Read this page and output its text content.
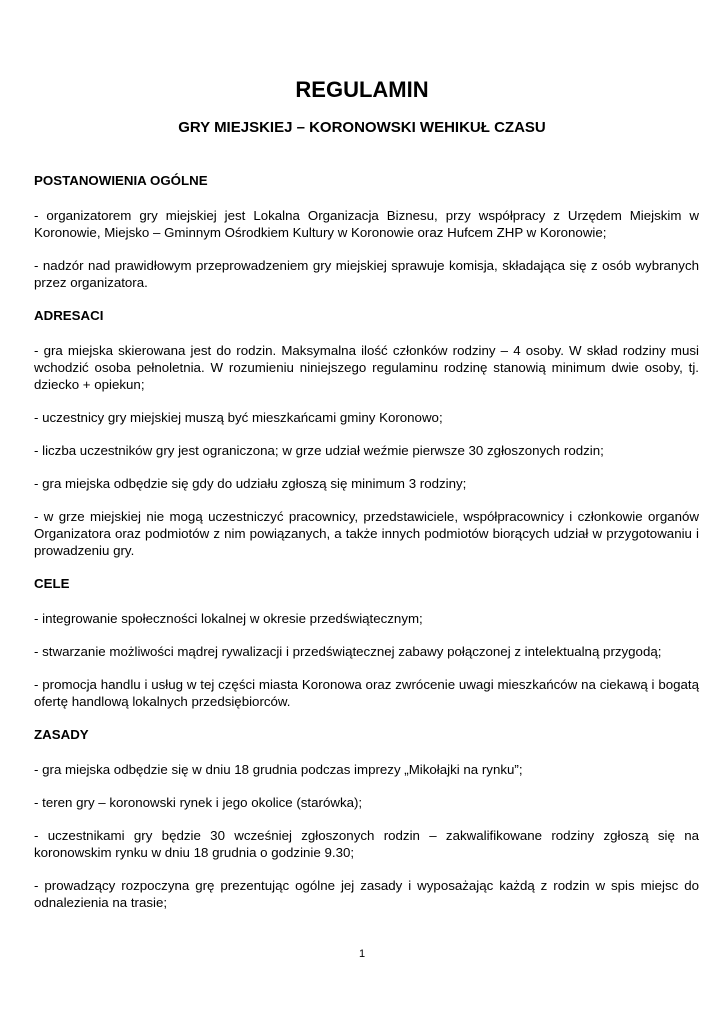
REGULAMIN
GRY MIEJSKIEJ – KORONOWSKI WEHIKUŁ CZASU
POSTANOWIENIA OGÓLNE

- organizatorem gry miejskiej jest Lokalna Organizacja Biznesu, przy współpracy z Urzędem Miejskim w Koronowie, Miejsko – Gminnym Ośrodkiem Kultury w Koronowie oraz Hufcem ZHP w Koronowie;

- nadzór nad prawidłowym przeprowadzeniem gry miejskiej sprawuje komisja, składająca się z osób wybranych przez organizatora.

ADRESACI

- gra miejska skierowana jest do rodzin. Maksymalna ilość członków rodziny – 4 osoby. W skład rodziny musi wchodzić osoba pełnoletnia. W rozumieniu niniejszego regulaminu rodzinę stanowią minimum dwie osoby, tj. dziecko + opiekun;

- uczestnicy gry miejskiej muszą być mieszkańcami gminy Koronowo;

- liczba uczestników gry jest ograniczona; w grze udział weźmie pierwsze 30 zgłoszonych rodzin;

- gra miejska odbędzie się gdy do udziału zgłoszą się minimum 3 rodziny;

- w grze miejskiej nie mogą uczestniczyć pracownicy, przedstawiciele, współpracownicy i członkowie organów Organizatora oraz podmiotów z nim powiązanych, a także innych podmiotów biorących udział w przygotowaniu i prowadzeniu gry.

CELE

- integrowanie społeczności lokalnej w okresie przedświątecznym;

- stwarzanie możliwości mądrej rywalizacji i przedświątecznej zabawy połączonej z intelektualną przygodą;

- promocja handlu i usług w tej części miasta Koronowa oraz zwrócenie uwagi mieszkańców na ciekawą i bogatą ofertę handlową lokalnych przedsiębiorców.

ZASADY

- gra miejska odbędzie się w dniu 18 grudnia podczas imprezy „Mikołajki na rynku”;

- teren gry – koronowski rynek i jego okolice (starówka);

- uczestnikami gry będzie 30 wcześniej zgłoszonych rodzin – zakwalifikowane rodziny zgłoszą się na koronowskim rynku w dniu 18 grudnia o godzinie 9.30;

- prowadzący rozpoczyna grę prezentując ogólne jej zasady i wyposażając każdą z rodzin w spis miejsc do odnalezienia na trasie;

1
